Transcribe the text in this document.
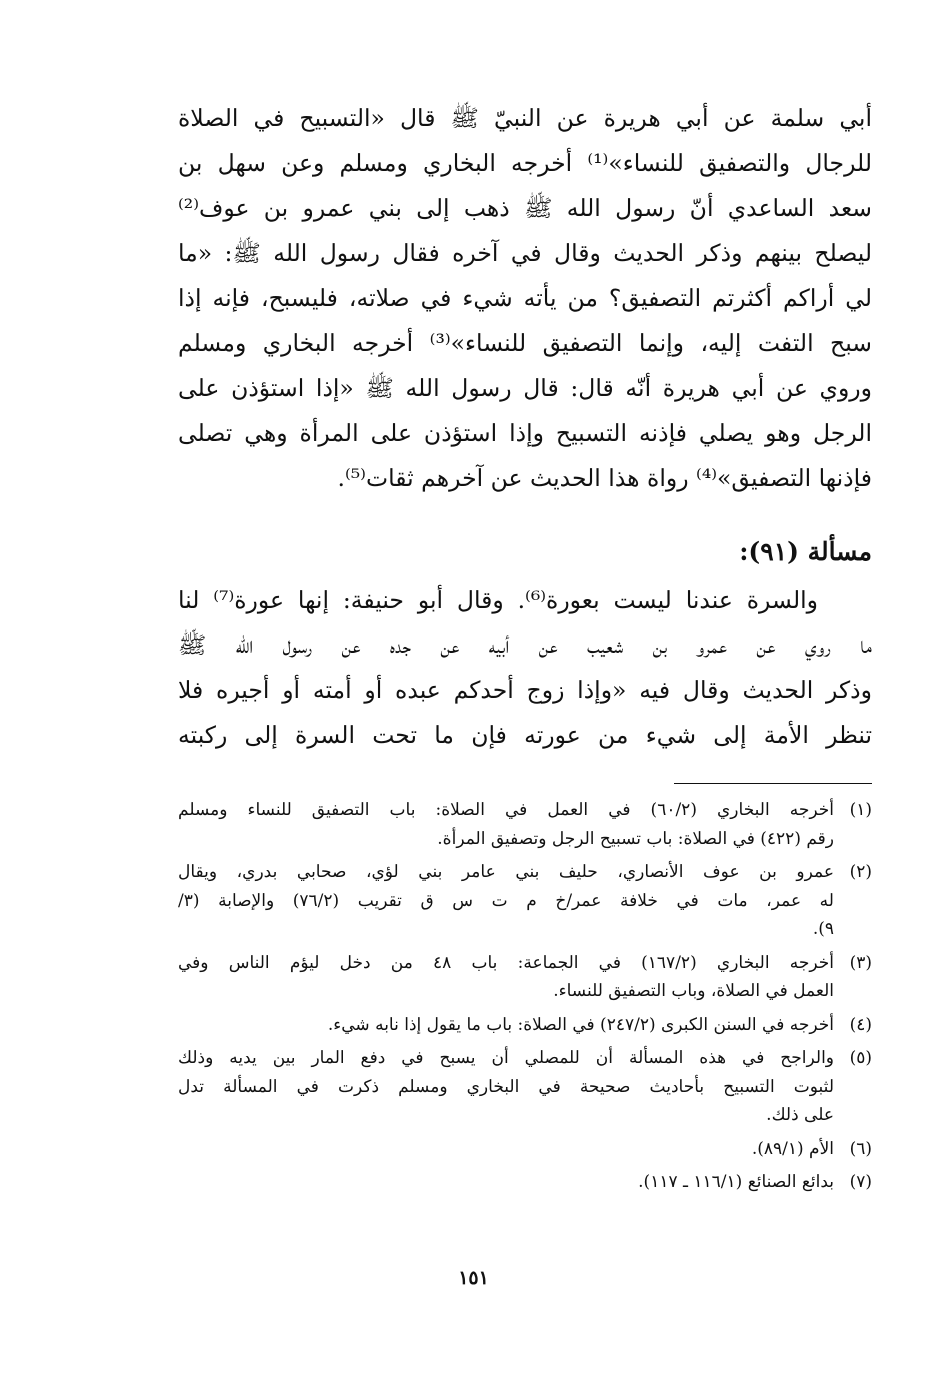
أبي سلمة عن أبي هريرة عن النبيّ ﷺ قال «التسبيح في الصلاة
للرجال والتصفيق للنساء»⁽¹⁾ أخرجه البخاري ومسلم وعن سهل بن
سعد الساعدي أنّ رسول الله ﷺ ذهب إلى بني عمرو بن عوف⁽²⁾
ليصلح بينهم وذكر الحديث وقال في آخره فقال رسول الله ﷺ: «ما
لي أراكم أكثرتم التصفيق؟ من يأته شيء في صلاته، فليسبح، فإنه إذا
سبح التفت إليه، وإنما التصفيق للنساء»⁽³⁾ أخرجه البخاري ومسلم
وروي عن أبي هريرة أنّه قال: قال رسول الله ﷺ «إذا استؤذن على
الرجل وهو يصلي فإذنه التسبيح وإذا استؤذن على المرأة وهي تصلى
فإذنها التصفيق»⁽⁴⁾ رواة هذا الحديث عن آخرهم ثقات⁽⁵⁾.
مسألة (٩١):
والسرة عندنا ليست بعورة⁽⁶⁾. وقال أبو حنيفة: إنها عورة⁽⁷⁾ لنا
ما روي عن عمرو بن شعيب عن أبيه عن جده عن رسول الله ﷺ
وذكر الحديث وقال فيه «وإذا زوج أحدكم عبده أو أمته أو أجيره فلا
تنظر الأمة إلى شيء من عورته فإن ما تحت السرة إلى ركبته
(١)
أخرجه البخاري (٦٠/٢) في العمل في الصلاة: باب التصفيق للنساء ومسلم
رقم (٤٢٢) في الصلاة: باب تسبيح الرجل وتصفيق المرأة.
(٢)
عمرو بن عوف الأنصاري، حليف بني عامر بني لؤي، صحابي بدري، ويقال
له عمر، مات في خلافة عمر/خ م ت س ق تقريب (٧٦/٢) والإصابة (٣/
٩).
(٣)
أخرجه البخاري (١٦٧/٢) في الجماعة: باب ٤٨ من دخل ليؤم الناس وفي
العمل في الصلاة، وباب التصفيق للنساء.
(٤)
أخرجه في السنن الكبرى (٢٤٧/٢) في الصلاة: باب ما يقول إذا نابه شيء.
(٥)
والراجح في هذه المسألة أن للمصلي أن يسبح في دفع المار بين يديه وذلك
لثبوت التسبيح بأحاديث صحيحة في البخاري ومسلم ذكرت في المسألة تدل
على ذلك.
(٦)
الأم (٨٩/١).
(٧)
بدائع الصنائع (١١٦/١ ـ ١١٧).
١٥١
